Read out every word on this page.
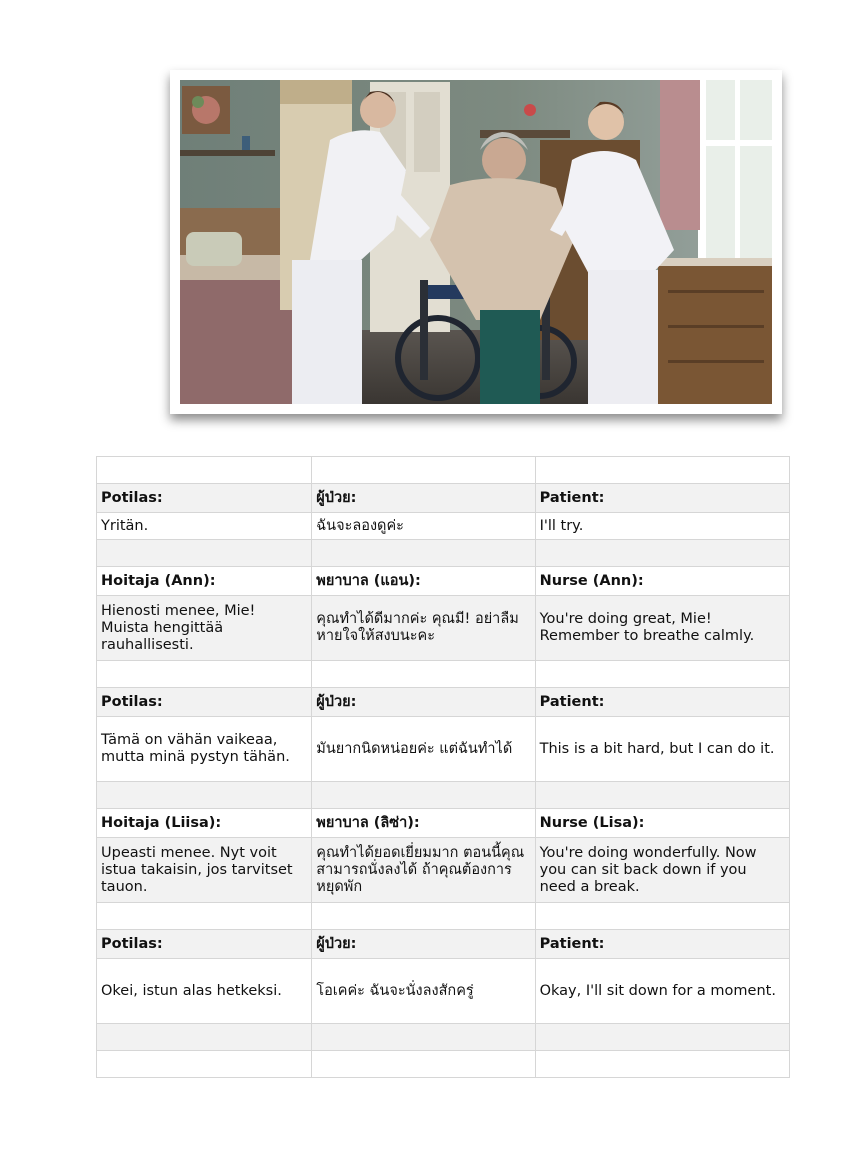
Potilas:	ผู้ป่วย:	Patient:
Yritän.	ฉันจะลองดูค่ะ	I'll try.

Hoitaja (Ann):	พยาบาล (แอน):	Nurse (Ann):
Hienosti menee, Mie! Muista hengittää rauhallisesti.	คุณทำได้ดีมากค่ะ คุณมี! อย่าลืมหายใจให้สงบนะคะ	You're doing great, Mie! Remember to breathe calmly.

Potilas:	ผู้ป่วย:	Patient:
Tämä on vähän vaikeaa, mutta minä pystyn tähän.	มันยากนิดหน่อยค่ะ แต่ฉันทำได้	This is a bit hard, but I can do it.

Hoitaja (Liisa):	พยาบาล (ลิซ่า):	Nurse (Lisa):
Upeasti menee. Nyt voit istua takaisin, jos tarvitset tauon.	คุณทำได้ยอดเยี่ยมมาก ตอนนี้คุณสามารถนั่งลงได้ ถ้าคุณต้องการหยุดพัก	You're doing wonderfully. Now you can sit back down if you need a break.

Potilas:	ผู้ป่วย:	Patient:
Okei, istun alas hetkeksi.	โอเคค่ะ ฉันจะนั่งลงสักครู่	Okay, I'll sit down for a moment.
